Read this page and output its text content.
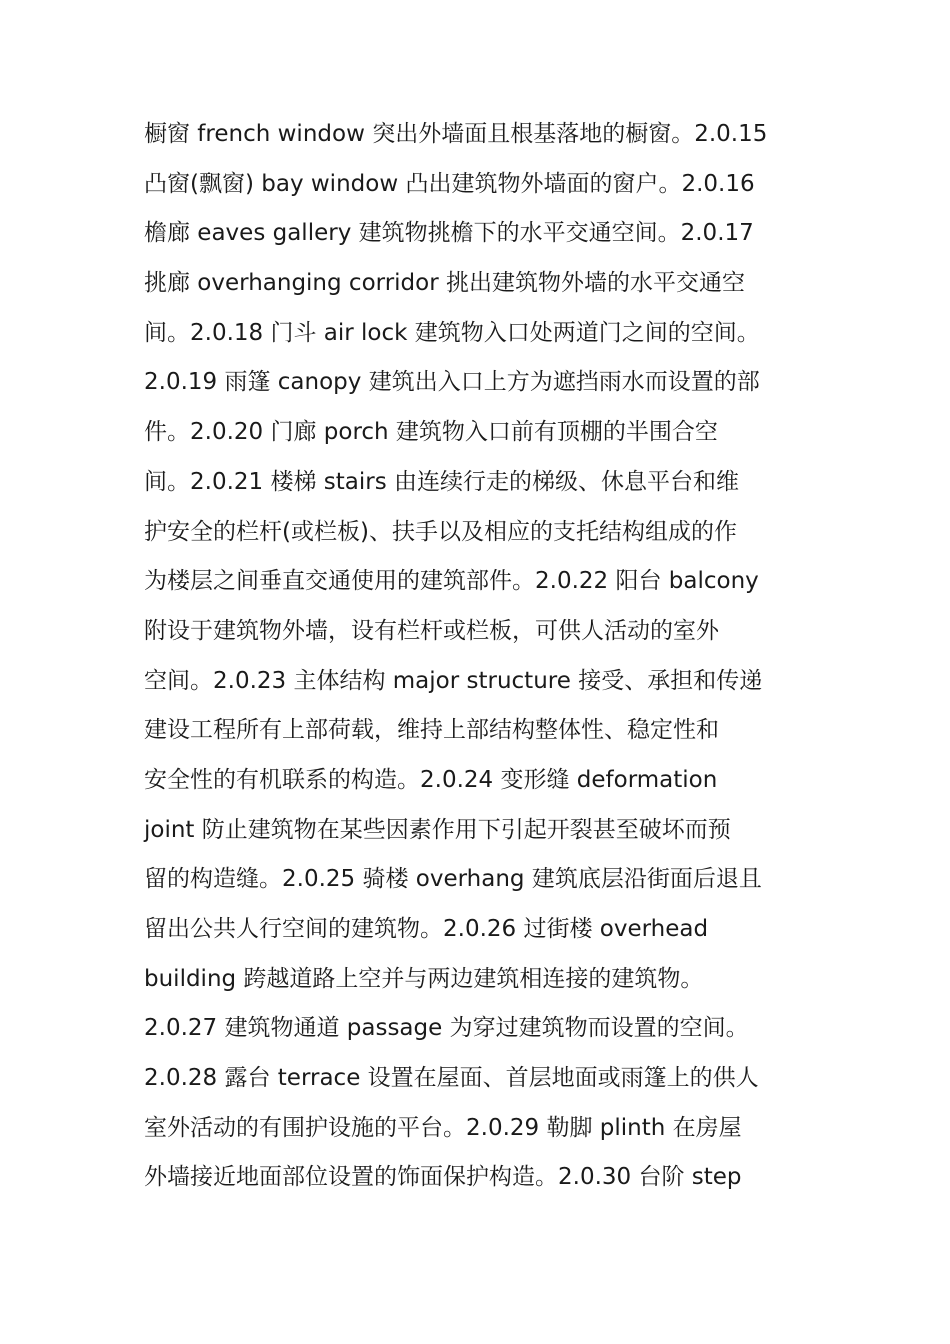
橱窗 french window 突出外墙面且根基落地的橱窗。2.0.15
凸窗(飘窗) bay window 凸出建筑物外墙面的窗户。2.0.16
檐廊 eaves gallery 建筑物挑檐下的水平交通空间。2.0.17
挑廊 overhanging corridor 挑出建筑物外墙的水平交通空
间。2.0.18 门斗 air lock 建筑物入口处两道门之间的空间。
2.0.19 雨篷 canopy 建筑出入口上方为遮挡雨水而设置的部
件。2.0.20 门廊 porch 建筑物入口前有顶棚的半围合空
间。2.0.21 楼梯 stairs 由连续行走的梯级、休息平台和维
护安全的栏杆(或栏板)、扶手以及相应的支托结构组成的作
为楼层之间垂直交通使用的建筑部件。2.0.22 阳台 balcony
附设于建筑物外墙，设有栏杆或栏板，可供人活动的室外
空间。2.0.23 主体结构 major structure 接受、承担和传递
建设工程所有上部荷载，维持上部结构整体性、稳定性和
安全性的有机联系的构造。2.0.24 变形缝 deformation
joint 防止建筑物在某些因素作用下引起开裂甚至破坏而预
留的构造缝。2.0.25 骑楼 overhang 建筑底层沿街面后退且
留出公共人行空间的建筑物。2.0.26 过街楼 overhead
building 跨越道路上空并与两边建筑相连接的建筑物。
2.0.27 建筑物通道 passage 为穿过建筑物而设置的空间。
2.0.28 露台 terrace 设置在屋面、首层地面或雨篷上的供人
室外活动的有围护设施的平台。2.0.29 勒脚 plinth 在房屋
外墙接近地面部位设置的饰面保护构造。2.0.30 台阶 step
